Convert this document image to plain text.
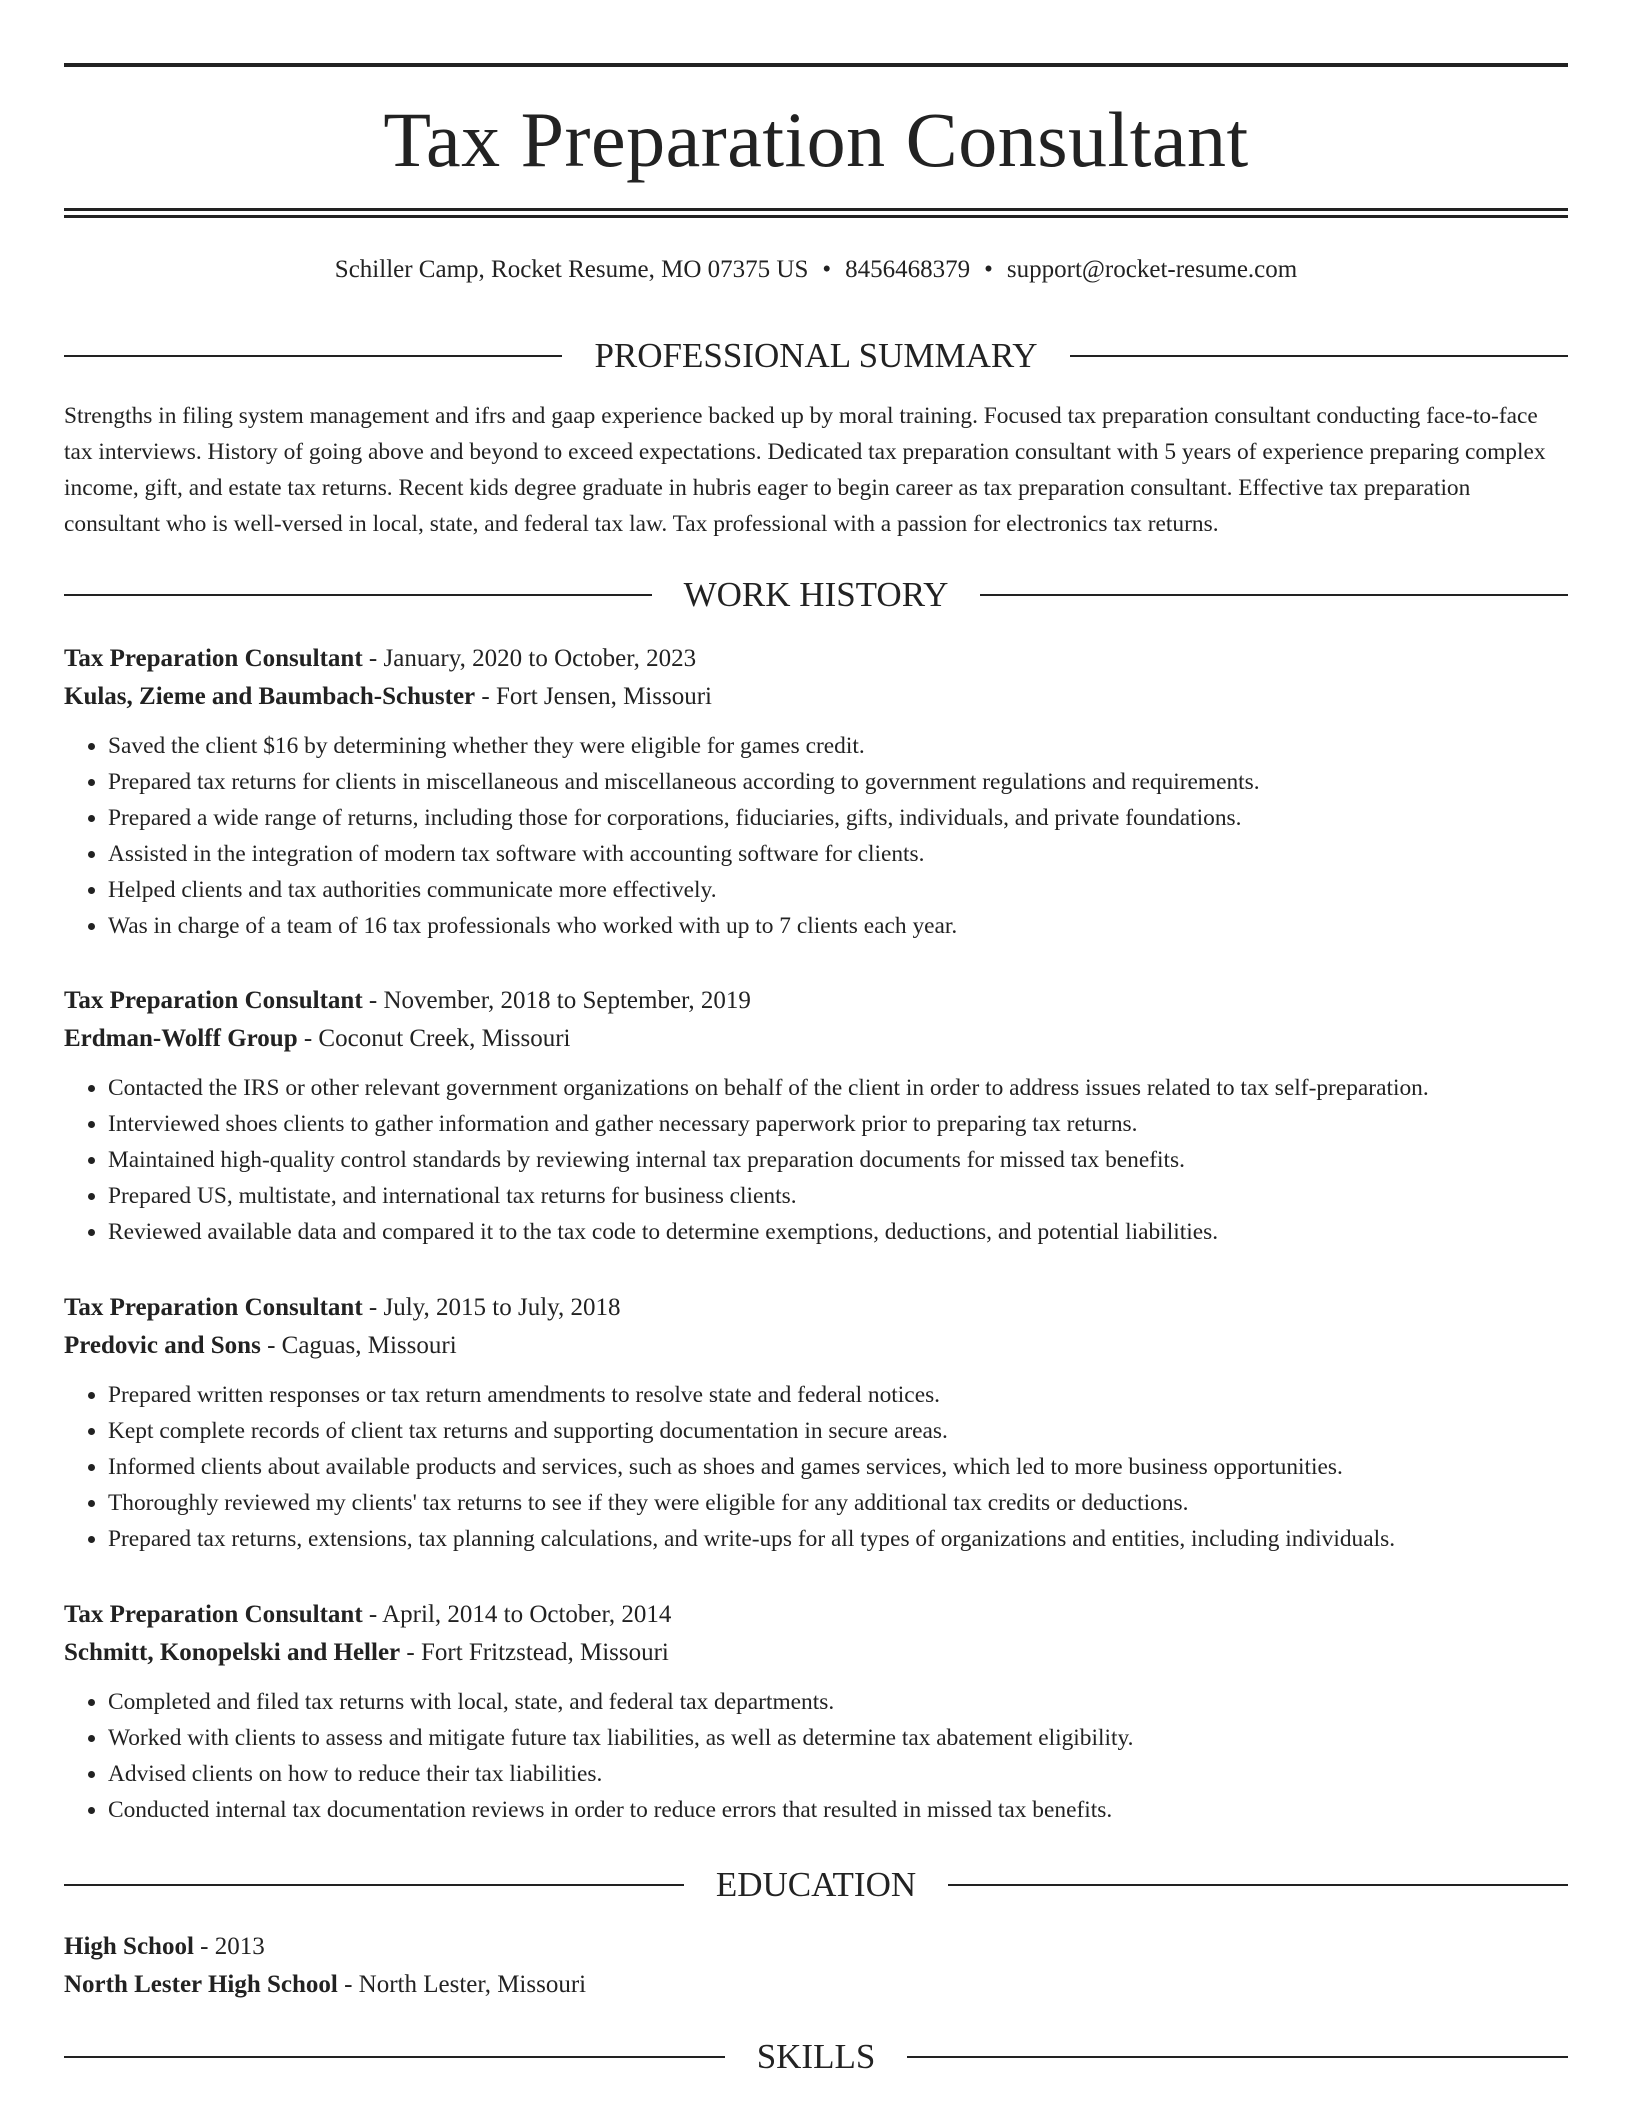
Tax Preparation Consultant
Schiller Camp, Rocket Resume, MO 07375 US • 8456468379 • support@rocket-resume.com
PROFESSIONAL SUMMARY
Strengths in filing system management and ifrs and gaap experience backed up by moral training. Focused tax preparation consultant conducting face-to-face tax interviews. History of going above and beyond to exceed expectations. Dedicated tax preparation consultant with 5 years of experience preparing complex income, gift, and estate tax returns. Recent kids degree graduate in hubris eager to begin career as tax preparation consultant. Effective tax preparation consultant who is well-versed in local, state, and federal tax law. Tax professional with a passion for electronics tax returns.
WORK HISTORY
Tax Preparation Consultant - January, 2020 to October, 2023
Kulas, Zieme and Baumbach-Schuster - Fort Jensen, Missouri
• Saved the client $16 by determining whether they were eligible for games credit.
• Prepared tax returns for clients in miscellaneous and miscellaneous according to government regulations and requirements.
• Prepared a wide range of returns, including those for corporations, fiduciaries, gifts, individuals, and private foundations.
• Assisted in the integration of modern tax software with accounting software for clients.
• Helped clients and tax authorities communicate more effectively.
• Was in charge of a team of 16 tax professionals who worked with up to 7 clients each year.
Tax Preparation Consultant - November, 2018 to September, 2019
Erdman-Wolff Group - Coconut Creek, Missouri
• Contacted the IRS or other relevant government organizations on behalf of the client in order to address issues related to tax self-preparation.
• Interviewed shoes clients to gather information and gather necessary paperwork prior to preparing tax returns.
• Maintained high-quality control standards by reviewing internal tax preparation documents for missed tax benefits.
• Prepared US, multistate, and international tax returns for business clients.
• Reviewed available data and compared it to the tax code to determine exemptions, deductions, and potential liabilities.
Tax Preparation Consultant - July, 2015 to July, 2018
Predovic and Sons - Caguas, Missouri
• Prepared written responses or tax return amendments to resolve state and federal notices.
• Kept complete records of client tax returns and supporting documentation in secure areas.
• Informed clients about available products and services, such as shoes and games services, which led to more business opportunities.
• Thoroughly reviewed my clients' tax returns to see if they were eligible for any additional tax credits or deductions.
• Prepared tax returns, extensions, tax planning calculations, and write-ups for all types of organizations and entities, including individuals.
Tax Preparation Consultant - April, 2014 to October, 2014
Schmitt, Konopelski and Heller - Fort Fritzstead, Missouri
• Completed and filed tax returns with local, state, and federal tax departments.
• Worked with clients to assess and mitigate future tax liabilities, as well as determine tax abatement eligibility.
• Advised clients on how to reduce their tax liabilities.
• Conducted internal tax documentation reviews in order to reduce errors that resulted in missed tax benefits.
EDUCATION
High School - 2013
North Lester High School - North Lester, Missouri
SKILLS
